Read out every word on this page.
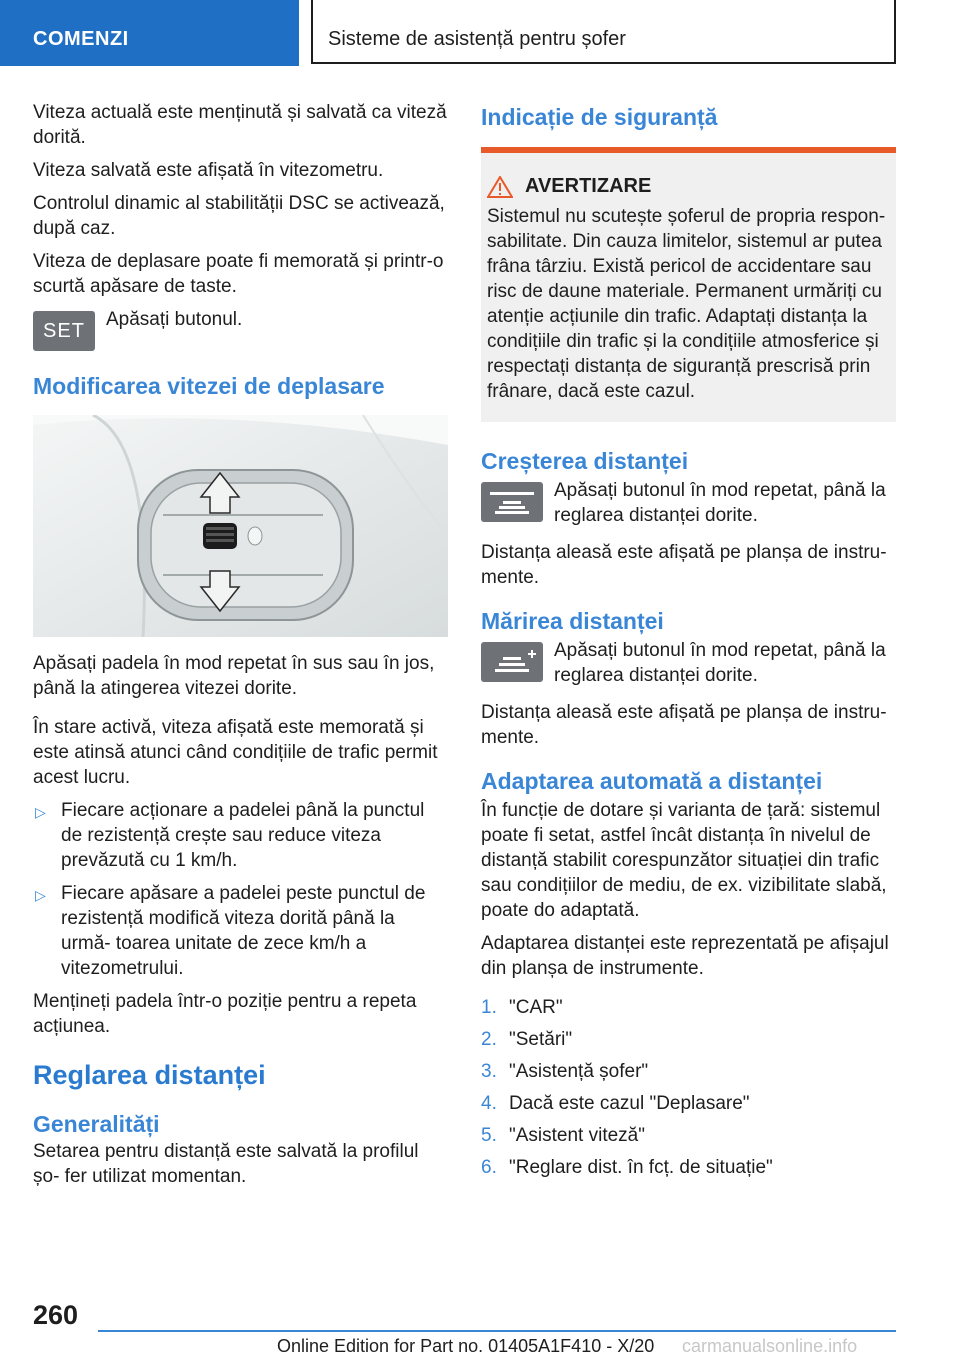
COMENZI	Sisteme de asistență pentru șofer

Viteza actuală este menținută și salvată ca viteză dorită.

Viteza salvată este afișată în vitezometru.

Controlul dinamic al stabilității DSC se activează, după caz.

Viteza de deplasare poate fi memorată și printr-o scurtă apăsare de taste.

SET Apăsați butonul.
Modificarea vitezei de deplasare

Apăsați padela în mod repetat în sus sau în jos, până la atingerea vitezei dorite.

În stare activă, viteza afișată este memorată și este atinsă atunci când condițiile de trafic permit acest lucru.

▷ Fiecare acționare a padelei până la punctul de rezistență crește sau reduce viteza prevăzută cu 1 km/h.
▷ Fiecare apăsare a padelei peste punctul de rezistență modifică viteza dorită până la urmă- toarea unitate de zece km/h a vitezometrului.

Mențineți padela într-o poziție pentru a repeta acțiunea.

Reglarea distanței
Generalități

Setarea pentru distanță este salvată la profilul șo- fer utilizat momentan.

Indicație de siguranță
AVERTIZARE
Sistemul nu scutește șoferul de propria respon- sabilitate. Din cauza limitelor, sistemul ar putea frâna târziu. Există pericol de accidentare sau risc de daune materiale. Permanent urmăriți cu atenție acțiunile din trafic. Adaptați distanța la condițiile din trafic și la condițiile atmosferice și respectați distanța de siguranță prescrisă prin frânare, dacă este cazul.
Creșterea distanței
Apăsați butonul în mod repetat, până la reglarea distanței dorite.

Distanța aleasă este afișată pe planșa de instru- mente.

Mărirea distanței
Apăsați butonul în mod repetat, până la reglarea distanței dorite.

Distanța aleasă este afișată pe planșa de instru- mente.

Adaptarea automată a distanței

În funcție de dotare și varianta de țară: sistemul poate fi setat, astfel încât distanța în nivelul de distanță stabilit corespunzător situației din trafic sau condițiilor de mediu, de ex. vizibilitate slabă, poate do adaptată.

Adaptarea distanței este reprezentată pe afișajul din planșa de instrumente.

1. "CAR"
2. "Setări"
3. "Asistență șofer"
4. Dacă este cazul "Deplasare"
5. "Asistent viteză"
6. "Reglare dist. în fcț. de situație"
260
Online Edition for Part no. 01405A1F410 - X/20 carmanualsonline.info
